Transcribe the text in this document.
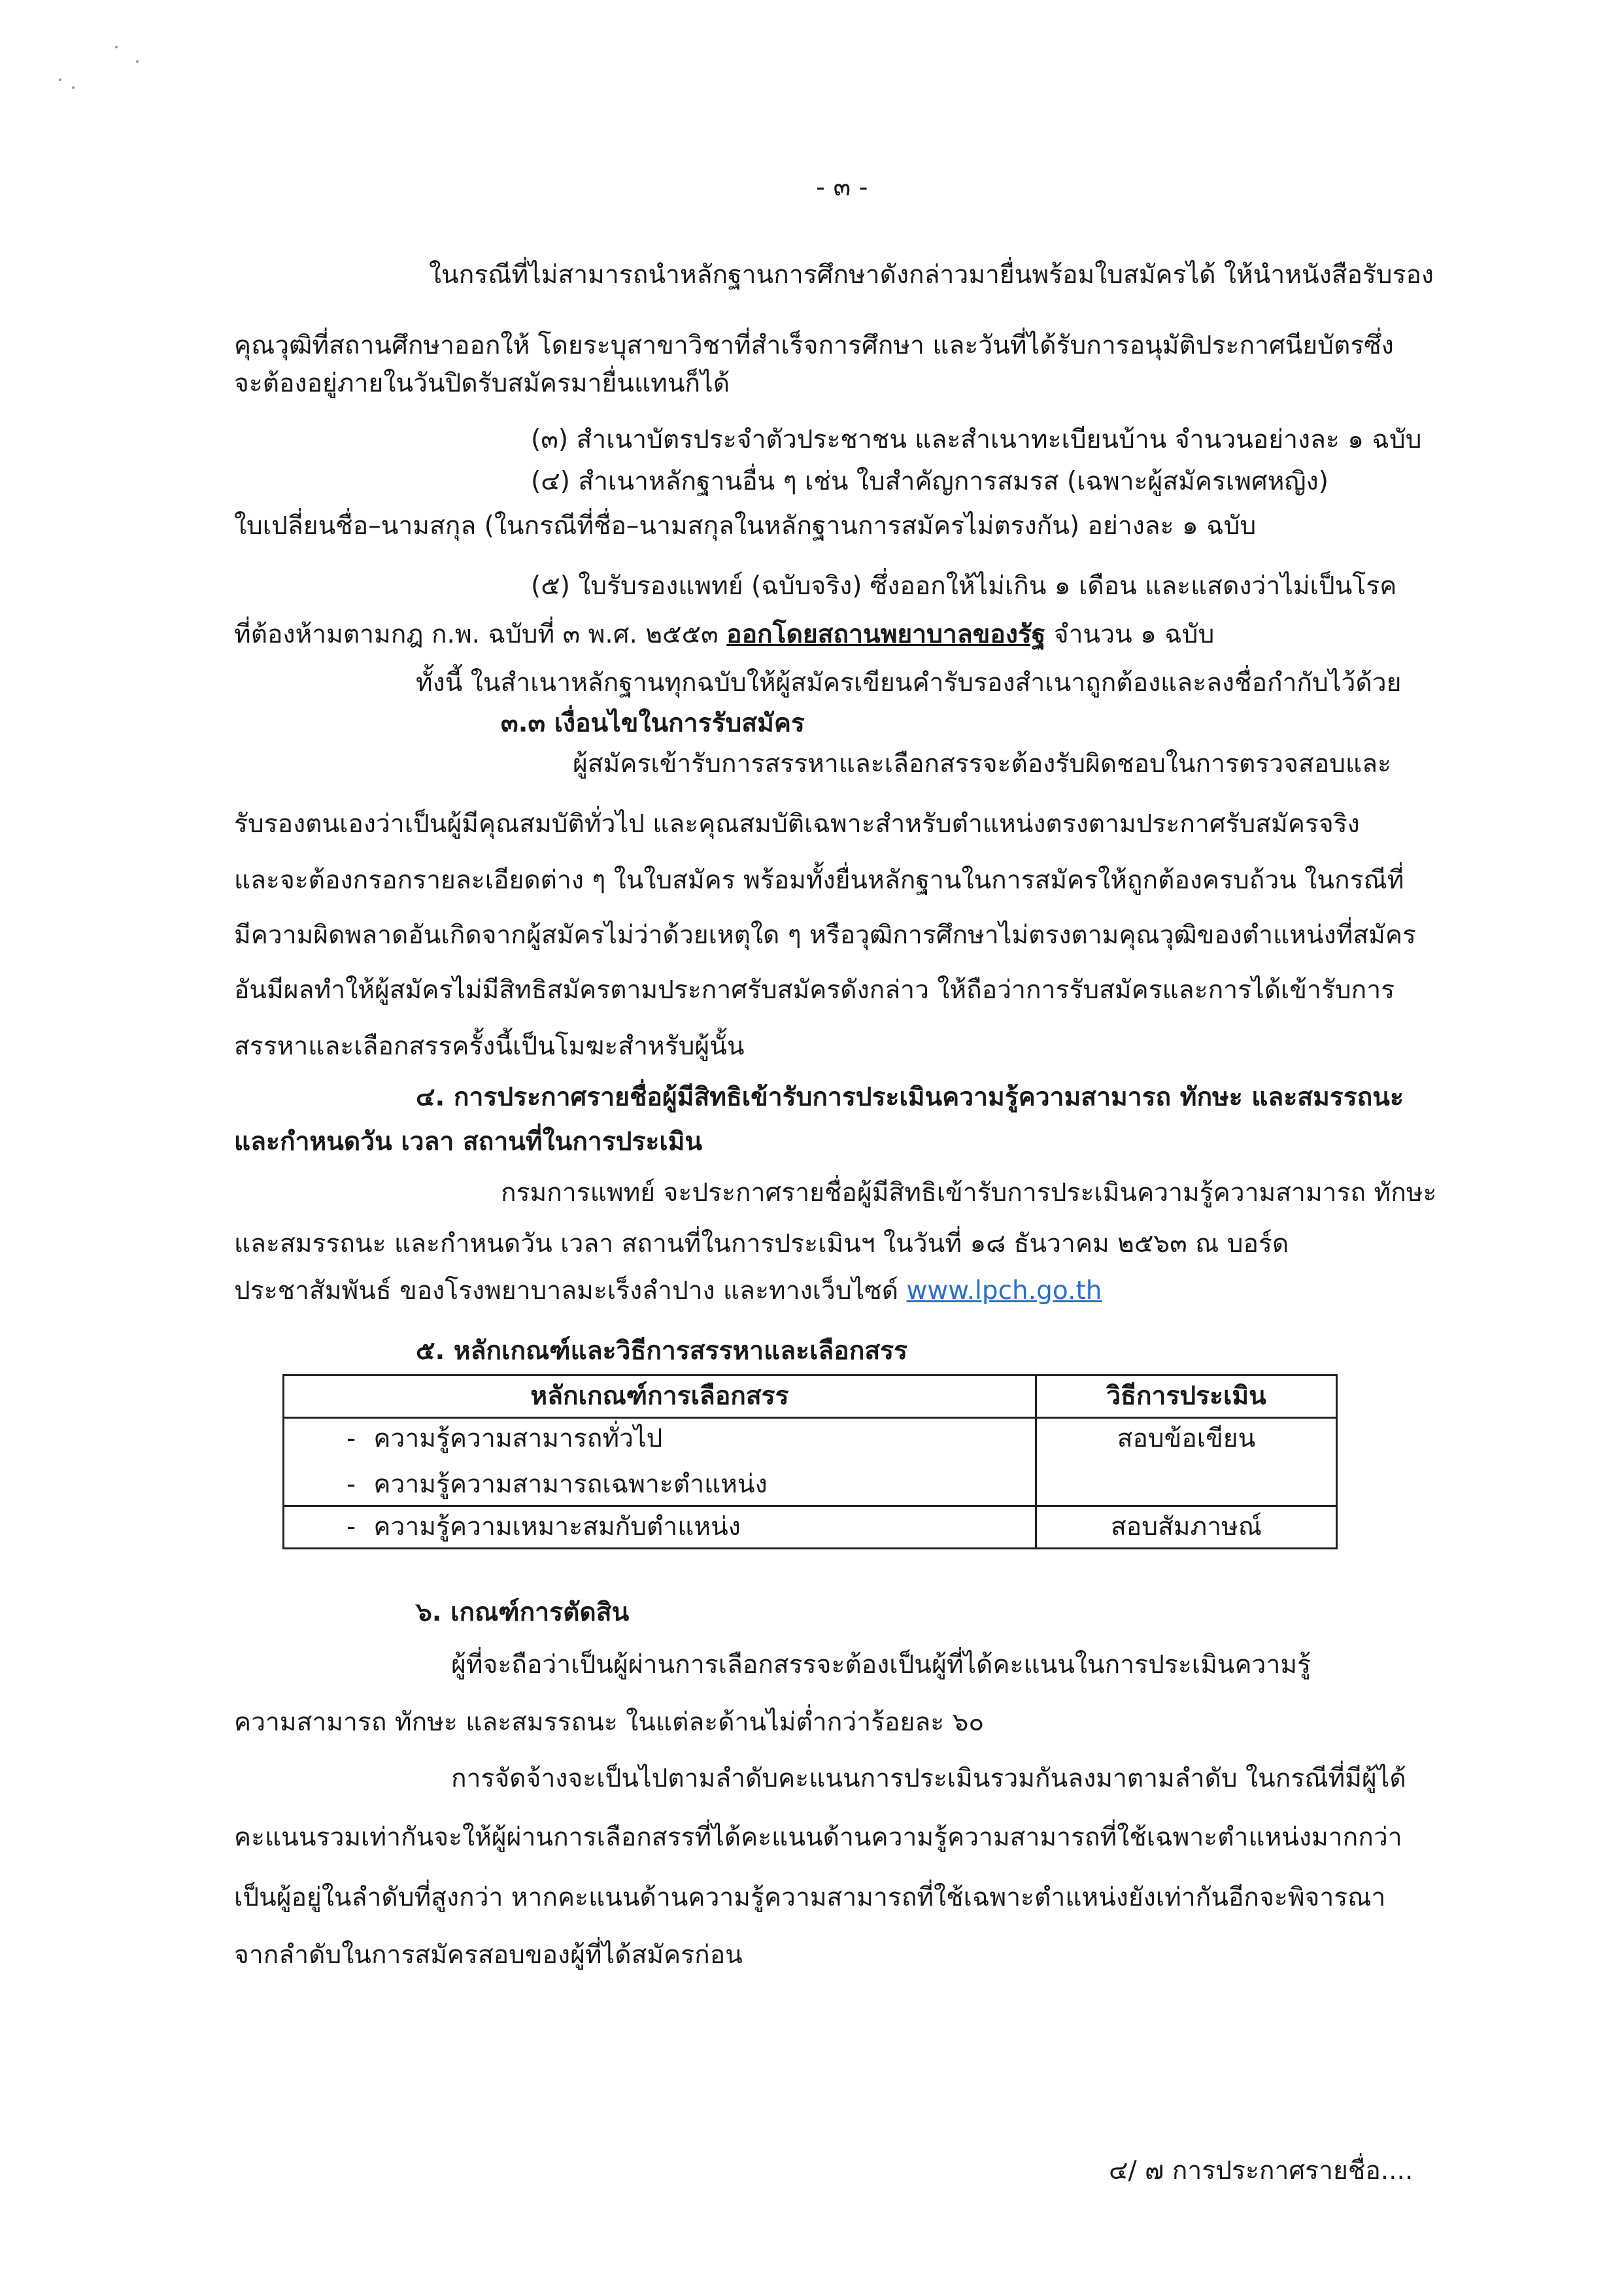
- ๓ -
ในกรณีที่ไม่สามารถนำหลักฐานการศึกษาดังกล่าวมายื่นพร้อมใบสมัครได้ ให้นำหนังสือรับรอง
คุณวุฒิที่สถานศึกษาออกให้ โดยระบุสาขาวิชาที่สำเร็จการศึกษา และวันที่ได้รับการอนุมัติประกาศนียบัตรซึ่ง
จะต้องอยู่ภายในวันปิดรับสมัครมายื่นแทนก็ได้
(๓) สำเนาบัตรประจำตัวประชาชน และสำเนาทะเบียนบ้าน จำนวนอย่างละ ๑ ฉบับ
(๔) สำเนาหลักฐานอื่น ๆ เช่น ใบสำคัญการสมรส (เฉพาะผู้สมัครเพศหญิง)
ใบเปลี่ยนชื่อ–นามสกุล (ในกรณีที่ชื่อ–นามสกุลในหลักฐานการสมัครไม่ตรงกัน) อย่างละ ๑ ฉบับ
(๕) ใบรับรองแพทย์ (ฉบับจริง) ซึ่งออกให้ไม่เกิน ๑ เดือน และแสดงว่าไม่เป็นโรค
ที่ต้องห้ามตามกฎ ก.พ. ฉบับที่ ๓ พ.ศ. ๒๕๕๓ ออกโดยสถานพยาบาลของรัฐ จำนวน ๑ ฉบับ
ทั้งนี้ ในสำเนาหลักฐานทุกฉบับให้ผู้สมัครเขียนคำรับรองสำเนาถูกต้องและลงชื่อกำกับไว้ด้วย
๓.๓ เงื่อนไขในการรับสมัคร
ผู้สมัครเข้ารับการสรรหาและเลือกสรรจะต้องรับผิดชอบในการตรวจสอบและ
รับรองตนเองว่าเป็นผู้มีคุณสมบัติทั่วไป และคุณสมบัติเฉพาะสำหรับตำแหน่งตรงตามประกาศรับสมัครจริง
และจะต้องกรอกรายละเอียดต่าง ๆ ในใบสมัคร พร้อมทั้งยื่นหลักฐานในการสมัครให้ถูกต้องครบถ้วน ในกรณีที่
มีความผิดพลาดอันเกิดจากผู้สมัครไม่ว่าด้วยเหตุใด ๆ หรือวุฒิการศึกษาไม่ตรงตามคุณวุฒิของตำแหน่งที่สมัคร
อันมีผลทำให้ผู้สมัครไม่มีสิทธิสมัครตามประกาศรับสมัครดังกล่าว ให้ถือว่าการรับสมัครและการได้เข้ารับการ
สรรหาและเลือกสรรครั้งนี้เป็นโมฆะสำหรับผู้นั้น
๔. การประกาศรายชื่อผู้มีสิทธิเข้ารับการประเมินความรู้ความสามารถ ทักษะ และสมรรถนะ
และกำหนดวัน เวลา สถานที่ในการประเมิน
กรมการแพทย์ จะประกาศรายชื่อผู้มีสิทธิเข้ารับการประเมินความรู้ความสามารถ ทักษะ
และสมรรถนะ และกำหนดวัน เวลา สถานที่ในการประเมินฯ ในวันที่ ๑๘ ธันวาคม ๒๕๖๓ ณ บอร์ด
ประชาสัมพันธ์ ของโรงพยาบาลมะเร็งลำปาง และทางเว็บไซด์ www.lpch.go.th
๕. หลักเกณฑ์และวิธีการสรรหาและเลือกสรร
หลักเกณฑ์การเลือกสรร	วิธีการประเมิน

- ความรู้ความสามารถทั่วไป
- ความรู้ความสามารถเฉพาะตำแหน่ง	สอบข้อเขียน

- ความรู้ความเหมาะสมกับตำแหน่ง	สอบสัมภาษณ์
๖. เกณฑ์การตัดสิน
ผู้ที่จะถือว่าเป็นผู้ผ่านการเลือกสรรจะต้องเป็นผู้ที่ได้คะแนนในการประเมินความรู้
ความสามารถ ทักษะ และสมรรถนะ ในแต่ละด้านไม่ต่ำกว่าร้อยละ ๖๐
การจัดจ้างจะเป็นไปตามลำดับคะแนนการประเมินรวมกันลงมาตามลำดับ ในกรณีที่มีผู้ได้
คะแนนรวมเท่ากันจะให้ผู้ผ่านการเลือกสรรที่ได้คะแนนด้านความรู้ความสามารถที่ใช้เฉพาะตำแหน่งมากกว่า
เป็นผู้อยู่ในลำดับที่สูงกว่า หากคะแนนด้านความรู้ความสามารถที่ใช้เฉพาะตำแหน่งยังเท่ากันอีกจะพิจารณา
จากลำดับในการสมัครสอบของผู้ที่ได้สมัครก่อน
๔/ ๗ การประกาศรายชื่อ....
